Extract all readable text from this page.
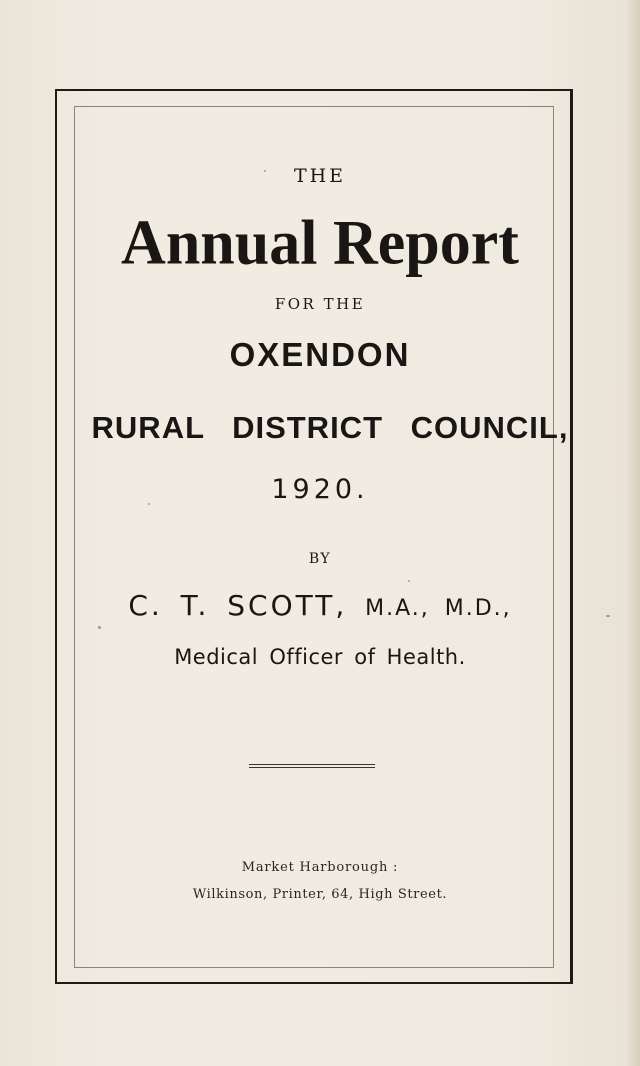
THE
Annual Report
FOR THE
OXENDON
RURAL DISTRICT COUNCIL,
1920.
BY
C. T. SCOTT, M.A., M.D.,
Medical Officer of Health.
Market Harborough :
Wilkinson, Printer, 64, High Street.
